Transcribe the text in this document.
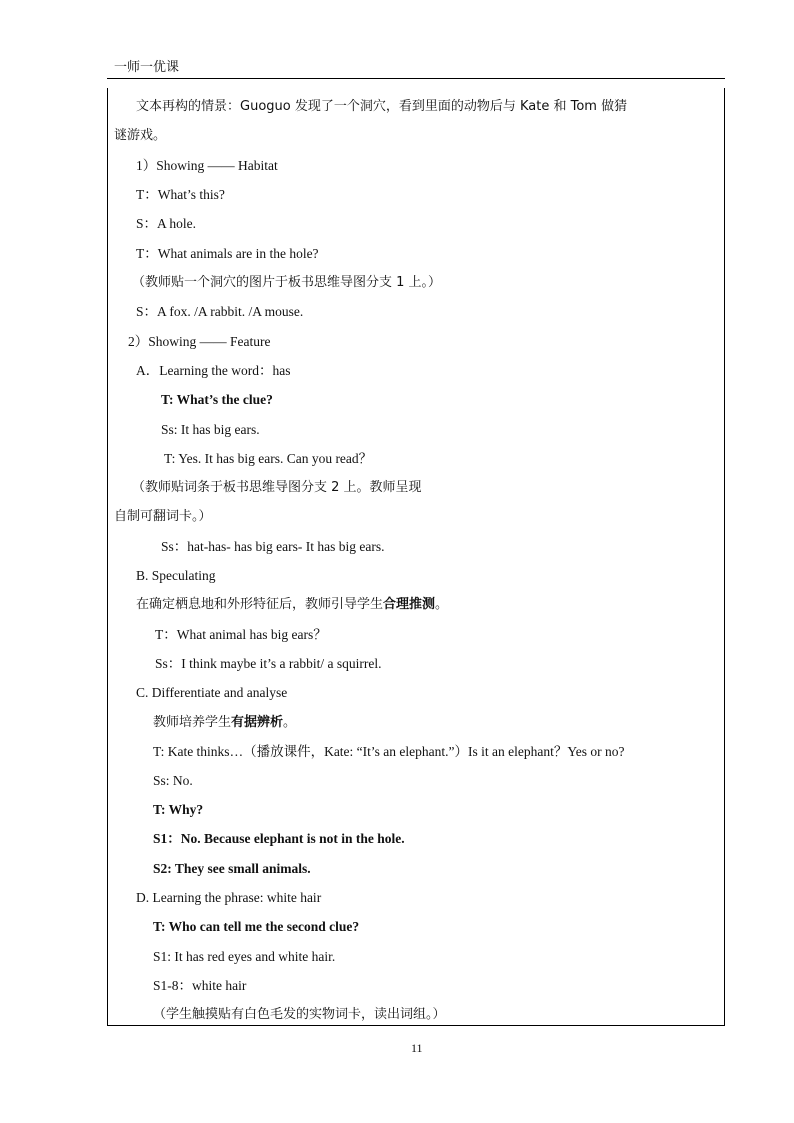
一师一优课
文本再构的情景：Guoguo 发现了一个洞穴，看到里面的动物后与 Kate 和 Tom 做猜
谜游戏。
1）Showing —— Habitat
T：What’s this?
S：A hole.
T：What animals are in the hole?
（教师贴一个洞穴的图片于板书思维导图分支 1 上。）
S：A fox. /A rabbit. /A mouse.
2）Showing —— Feature
A．Learning the word：has
T: What’s the clue?
Ss: It has big ears.
T: Yes. It has big ears. Can you read？
（教师贴词条于板书思维导图分支 2 上。教师呈现
自制可翻词卡。）
Ss：hat-has- has big ears- It has big ears.
B. Speculating
在确定栖息地和外形特征后，教师引导学生合理推测。
T：What animal has big ears？
Ss：I think maybe it’s a rabbit/ a squirrel.
C. Differentiate and analyse
教师培养学生有据辨析。
T: Kate thinks…（播放课件，Kate: “It’s an elephant.”）Is it an elephant？Yes or no?
Ss: No.
T: Why?
S1：No. Because elephant is not in the hole.
S2: They see small animals.
D. Learning the phrase: white hair
T: Who can tell me the second clue?
S1: It has red eyes and white hair.
S1-8：white hair
（学生触摸贴有白色毛发的实物词卡，读出词组。）
11
